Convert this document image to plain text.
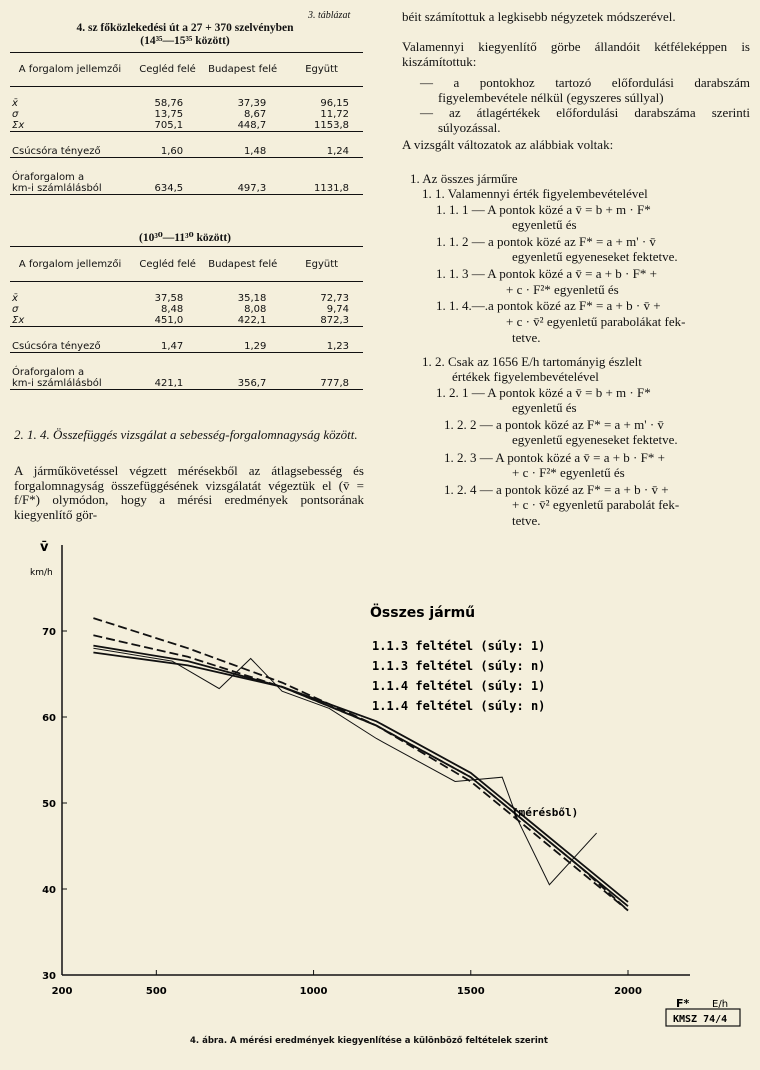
3. táblázat
4. sz főközlekedési út a 27 + 370 szelvényben
(14³⁵—15³⁵ között)
A forgalom jellemzői	Cegléd felé	Budapest felé	Együtt

x̄	58,76	37,39	96,15
σ	13,75	8,67	11,72
Σx	705,1	448,7	1153,8

Csúcsóra tényező	1,60	1,48	1,24

Óraforgalom a			
km-i számlálásból	634,5	497,3	1131,8

(10³⁰—11³⁰ között)
A forgalom jellemzői	Cegléd felé	Budapest felé	Együtt

x̄	37,58	35,18	72,73
σ	8,48	8,08	9,74
Σx	451,0	422,1	872,3

Csúcsóra tényező	1,47	1,29	1,23

Óraforgalom a			
km-i számlálásból	421,1	356,7	777,8

2. 1. 4. Összefüggés vizsgálat a sebesség-forgalomnagyság között.
A járműkövetéssel végzett mérésekből az átlagsebesség és forgalomnagyság összefüggésének vizsgálatát végeztük el (v̄ = f/F*) olymódon, hogy a mérési eredmények pontsorának kiegyenlítő gör-
béit számítottuk a legkisebb négyzetek módszerével.
Valamennyi kiegyenlítő görbe állandóit kétféleképpen is kiszámítottuk:
— a pontokhoz tartozó előfordulási darabszám figyelembevétele nélkül (egyszeres súllyal)
— az átlagértékek előfordulási darabszáma szerinti súlyozással.
A vizsgált változatok az alábbiak voltak:
1. Az összes járműre
1. 1. Valamennyi érték figyelembevételével
1. 1. 1 — A pontok közé a v̄ = b + m · F*
egyenletű és
1. 1. 2 — a pontok közé az F* = a + m' · v̄
egyenletű egyeneseket fektetve.
1. 1. 3 — A pontok közé a v̄ = a + b · F* +
+ c · F²* egyenletű és
1. 1. 4.—.a pontok közé az F* = a + b · v̄ +
+ c · v̄² egyenletű parabolákat fek-
tetve.
1. 2. Csak az 1656 E/h tartományig észlelt
értékek figyelembevételével
1. 2. 1 — A pontok közé a v̄ = b + m · F*
egyenletű és
1. 2. 2 — a pontok közé az F* = a + m' · v̄
egyenletű egyeneseket fektetve.
1. 2. 3 — A pontok közé a v̄ = a + b · F* +
+ c · F²* egyenletű és
1. 2. 4 — a pontok közé az F* = a + b · v̄ +
+ c · v̄² egyenletű parabolát fek-
tetve.
200	500	1000	1500	2000
30
40
50
60
70
v̄
km/h
F* E/h
Összes jármű
1.1.3 feltétel (súly: 1)
1.1.3 feltétel (súly: n)
1.1.4 feltétel (súly: 1)
1.1.4 feltétel (súly: n)
(mérésből)
KMSZ 74/4
4. ábra. A mérési eredmények kiegyenlítése a különböző feltételek szerint
